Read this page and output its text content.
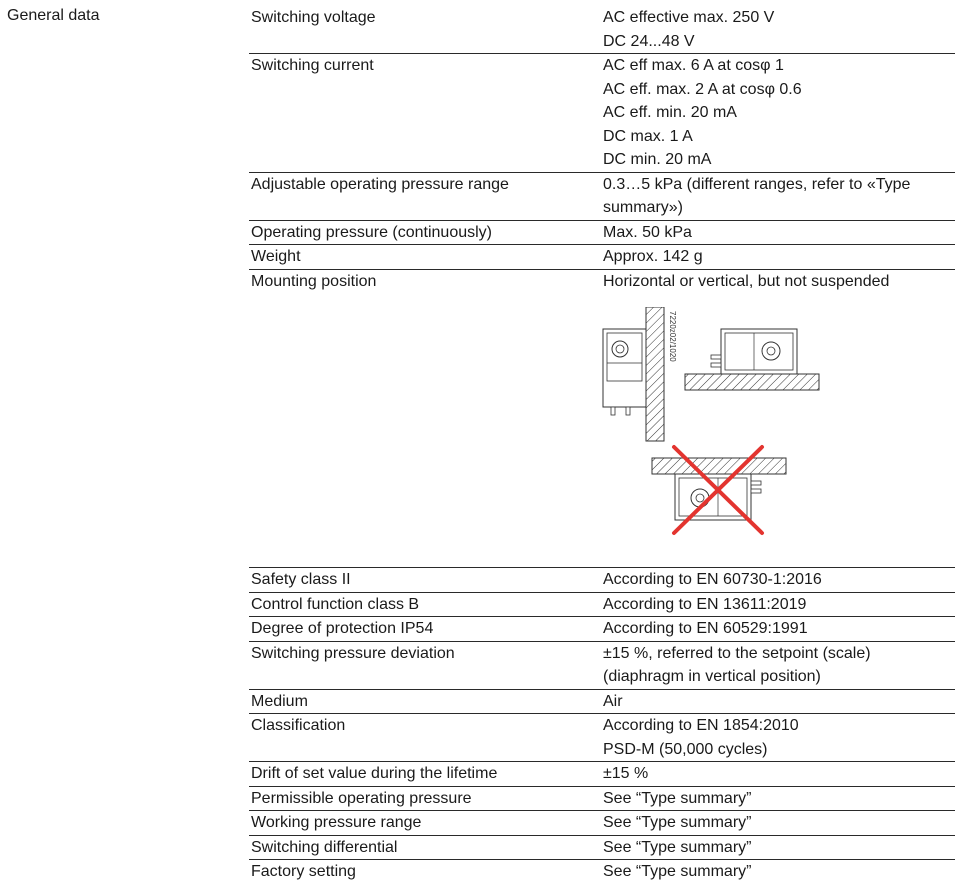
General data	Switching voltage	AC effective max. 250 V
DC 24...48 V
Switching current	AC eff max. 6 A at cosφ 1
AC eff. max. 2 A at cosφ 0.6
AC eff. min. 20 mA
DC max. 1 A
DC min. 20 mA
Adjustable operating pressure range	0.3…5 kPa (different ranges, refer to «Type
summary»)
Operating pressure (continuously)	Max. 50 kPa
Weight	Approx. 142 g
Mounting position	Horizontal or vertical, but not suspended
7220z02/1020
Safety class II	According to EN 60730-1:2016
Control function class B	According to EN 13611:2019
Degree of protection IP54	According to EN 60529:1991
Switching pressure deviation	±15 %, referred to the setpoint (scale)
(diaphragm in vertical position)
Medium	Air
Classification	According to EN 1854:2010
PSD-M (50,000 cycles)
Drift of set value during the lifetime	±15 %
Permissible operating pressure	See “Type summary”
Working pressure range	See “Type summary”
Switching differential	See “Type summary”
Factory setting	See “Type summary”
